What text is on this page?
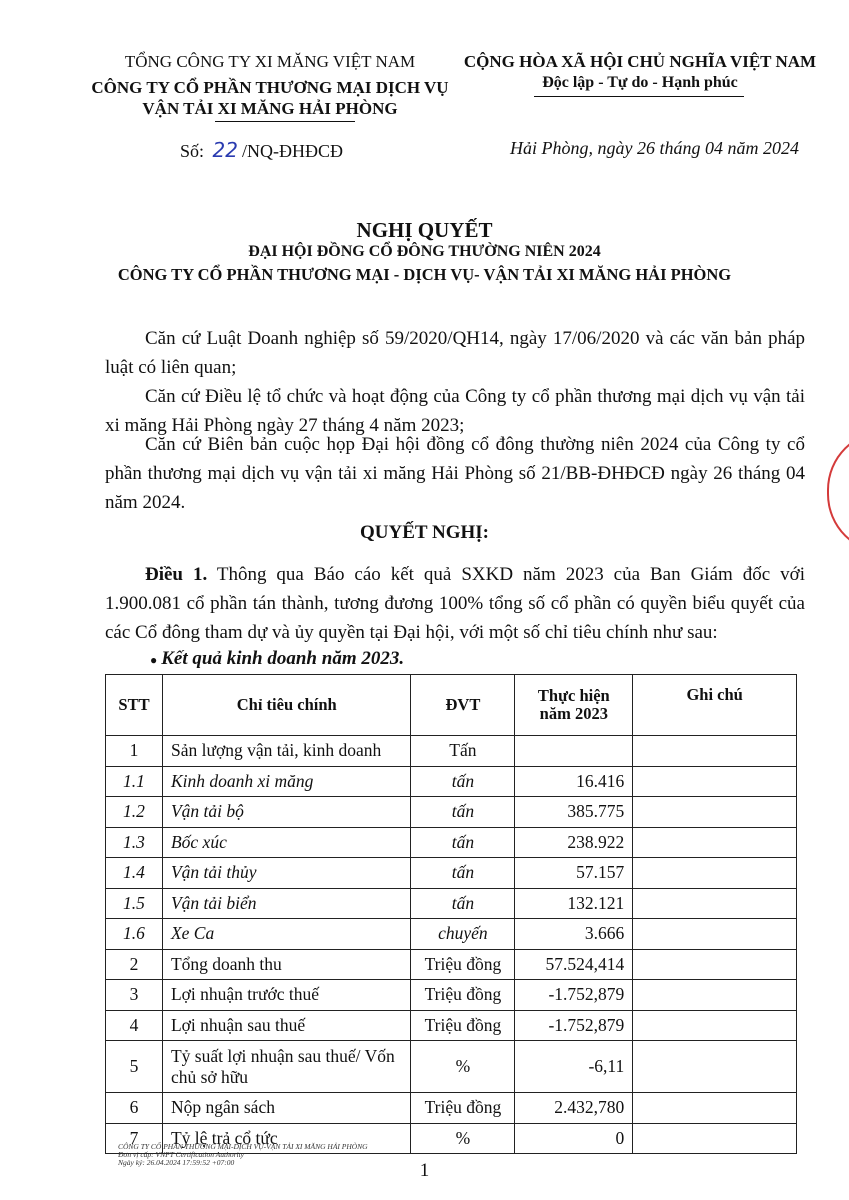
TỔNG CÔNG TY XI MĂNG VIỆT NAM
CÔNG TY CỔ PHẦN THƯƠNG MẠI DỊCH VỤ
VẬN TẢI XI MĂNG HẢI PHÒNG
CỘNG HÒA XÃ HỘI CHỦ NGHĨA VIỆT NAM
Độc lập - Tự do - Hạnh phúc
Số: 22 /NQ-ĐHĐCĐ	Hải Phòng, ngày 26 tháng 04 năm 2024
NGHỊ QUYẾT
ĐẠI HỘI ĐỒNG CỔ ĐÔNG THƯỜNG NIÊN 2024
CÔNG TY CỔ PHẦN THƯƠNG MẠI - DỊCH VỤ- VẬN TẢI XI MĂNG HẢI PHÒNG
Căn cứ Luật Doanh nghiệp số 59/2020/QH14, ngày 17/06/2020 và các văn bản pháp luật có liên quan;
Căn cứ Điều lệ tổ chức và hoạt động của Công ty cổ phần thương mại dịch vụ vận tải xi măng Hải Phòng ngày 27 tháng 4 năm 2023;
Căn cứ Biên bản cuộc họp Đại hội đồng cổ đông thường niên 2024 của Công ty cổ phần thương mại dịch vụ vận tải xi măng Hải Phòng số 21/BB-ĐHĐCĐ ngày 26 tháng 04 năm 2024.
QUYẾT NGHỊ:
Điều 1. Thông qua Báo cáo kết quả SXKD năm 2023 của Ban Giám đốc với 1.900.081 cổ phần tán thành, tương đương 100% tổng số cổ phần có quyền biểu quyết của các Cổ đông tham dự và ủy quyền tại Đại hội, với một số chỉ tiêu chính như sau:
● Kết quả kinh doanh năm 2023.
STT	Chỉ tiêu chính	ĐVT	Thực hiện năm 2023	Ghi chú
1	Sản lượng vận tải, kinh doanh	Tấn		
1.1	Kinh doanh xi măng	tấn	16.416	
1.2	Vận tải bộ	tấn	385.775	
1.3	Bốc xúc	tấn	238.922	
1.4	Vận tải thủy	tấn	57.157	
1.5	Vận tải biển	tấn	132.121	
1.6	Xe Ca	chuyến	3.666	
2	Tổng doanh thu	Triệu đồng	57.524,414	
3	Lợi nhuận trước thuế	Triệu đồng	-1.752,879	
4	Lợi nhuận sau thuế	Triệu đồng	-1.752,879	
5	Tỷ suất lợi nhuận sau thuế/ Vốn chủ sở hữu	%	-6,11	
6	Nộp ngân sách	Triệu đồng	2.432,780	
7	Tỷ lệ trả cổ tức	%	0	
CÔNG TY CỔ PHẦN THƯƠNG MẠI-DỊCH VỤ-VẬN TẢI XI MĂNG HẢI PHÒNG
Đơn vị cấp: VNPT Certification Authority
Ngày ký: 26.04.2024 17:59:52 +07:00	1
